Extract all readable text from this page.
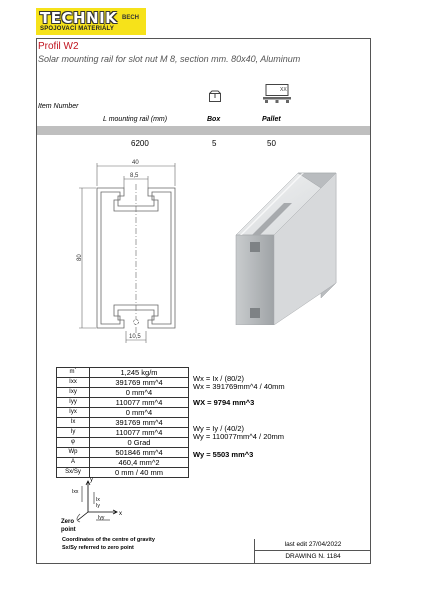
TECHNIK BECH
SPOJOVACÍ MATERIÁLY
Profil W2
Solar mounting rail for slot nut M 8, section mm. 80x40, Aluminum
XX
Item Number
L mounting rail (mm)	Box	Pallet
6200	5	50
40
8,5
80
10,5
m`	1,245 kg/m
Ixx	391769 mm^4
Ixy	0 mm^4
Iyy	110077 mm^4
Iyx	0 mm^4
Ix	391769 mm^4
Iy	110077 mm^4
φ	0 Grad
Wp	501846 mm^4
A	460,4 mm^2
Sx/Sy	0 mm / 40 mm
Wx = Ix / (80/2)
Wx = 391769mm^4 / 40mm
WX = 9794 mm^3
Wy = Iy / (40/2)
Wy = 110077mm^4 / 20mm
Wy = 5503 mm^3
y
x
Ixx
Ix
Iy
Iyy
Zero
point
Coordinates of the centre of gravity
Sx/Sy referred to zero point	last edit 27/04/2022
DRAWING N. 1184
